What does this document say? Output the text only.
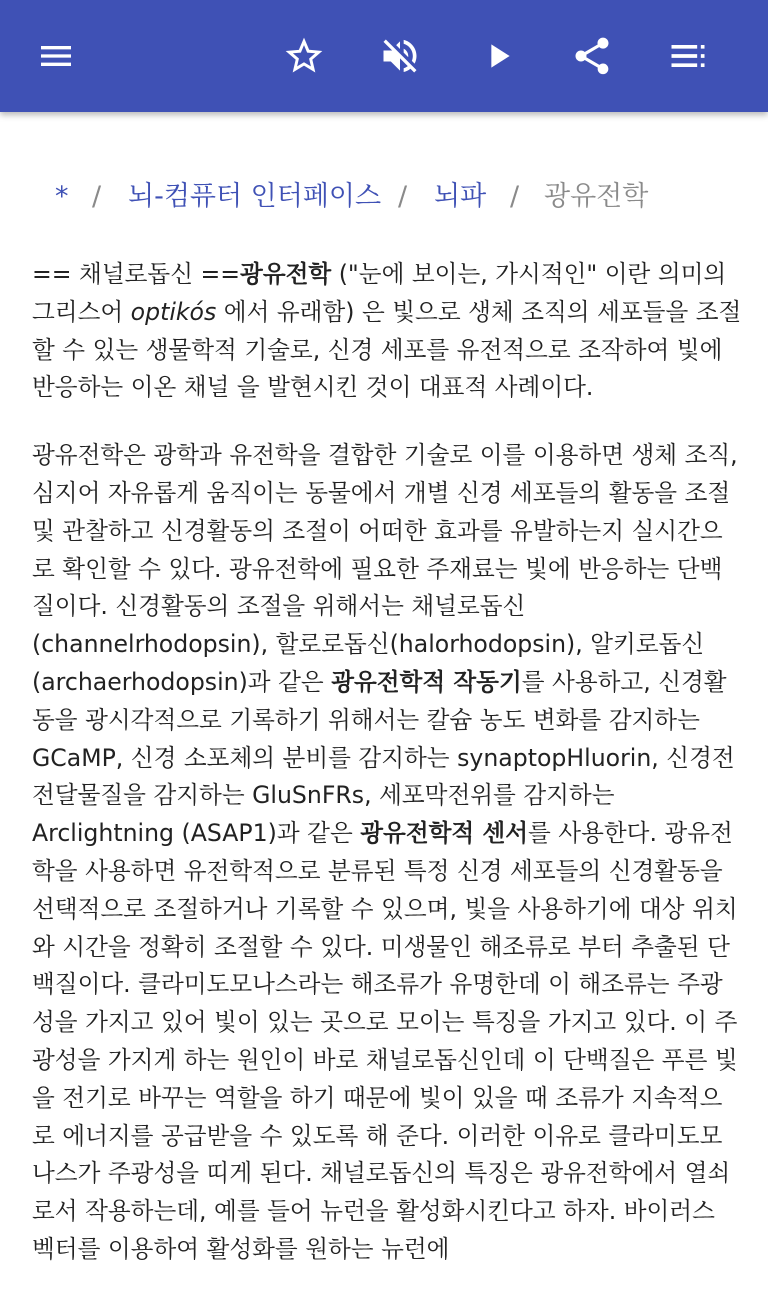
* / 뇌-컴퓨터 인터페이스 / 뇌파 / 광유전학

== 채널로돕신 ==광유전학 ("눈에 보이는, 가시적인" 이란 의미의 그리스어 optikós 에서 유래함) 은 빛으로 생체 조직의 세포들을 조절할 수 있는 생물학적 기술로, 신경 세포를 유전적으로 조작하여 빛에 반응하는 이온 채널 을 발현시킨 것이 대표적 사례이다.

광유전학은 광학과 유전학을 결합한 기술로 이를 이용하면 생체 조직, 심지어 자유롭게 움직이는 동물에서 개별 신경 세포들의 활동을 조절 및 관찰하고 신경활동의 조절이 어떠한 효과를 유발하는지 실시간으로 확인할 수 있다. 광유전학에 필요한 주재료는 빛에 반응하는 단백질이다. 신경활동의 조절을 위해서는 채널로돕신 (channelrhodopsin), 할로로돕신(halorhodopsin), 알키로돕신 (archaerhodopsin)과 같은 광유전학적 작동기를 사용하고, 신경활동을 광시각적으로 기록하기 위해서는 칼슘 농도 변화를 감지하는 GCaMP, 신경 소포체의 분비를 감지하는 synaptopHluorin, 신경전전달물질을 감지하는 GluSnFRs, 세포막전위를 감지하는 Arclightning (ASAP1)과 같은 광유전학적 센서를 사용한다. 광유전학을 사용하면 유전학적으로 분류된 특정 신경 세포들의 신경활동을 선택적으로 조절하거나 기록할 수 있으며, 빛을 사용하기에 대상 위치와 시간을 정확히 조절할 수 있다. 미생물인 해조류로 부터 추출된 단백질이다. 클라미도모나스라는 해조류가 유명한데 이 해조류는 주광성을 가지고 있어 빛이 있는 곳으로 모이는 특징을 가지고 있다. 이 주광성을 가지게 하는 원인이 바로 채널로돕신인데 이 단백질은 푸른 빛을 전기로 바꾸는 역할을 하기 때문에 빛이 있을 때 조류가 지속적으로 에너지를 공급받을 수 있도록 해 준다. 이러한 이유로 클라미도모나스가 주광성을 띠게 된다. 채널로돕신의 특징은 광유전학에서 열쇠로서 작용하는데, 예를 들어 뉴런을 활성화시킨다고 하자. 바이러스 벡터를 이용하여 활성화를 원하는 뉴런에
